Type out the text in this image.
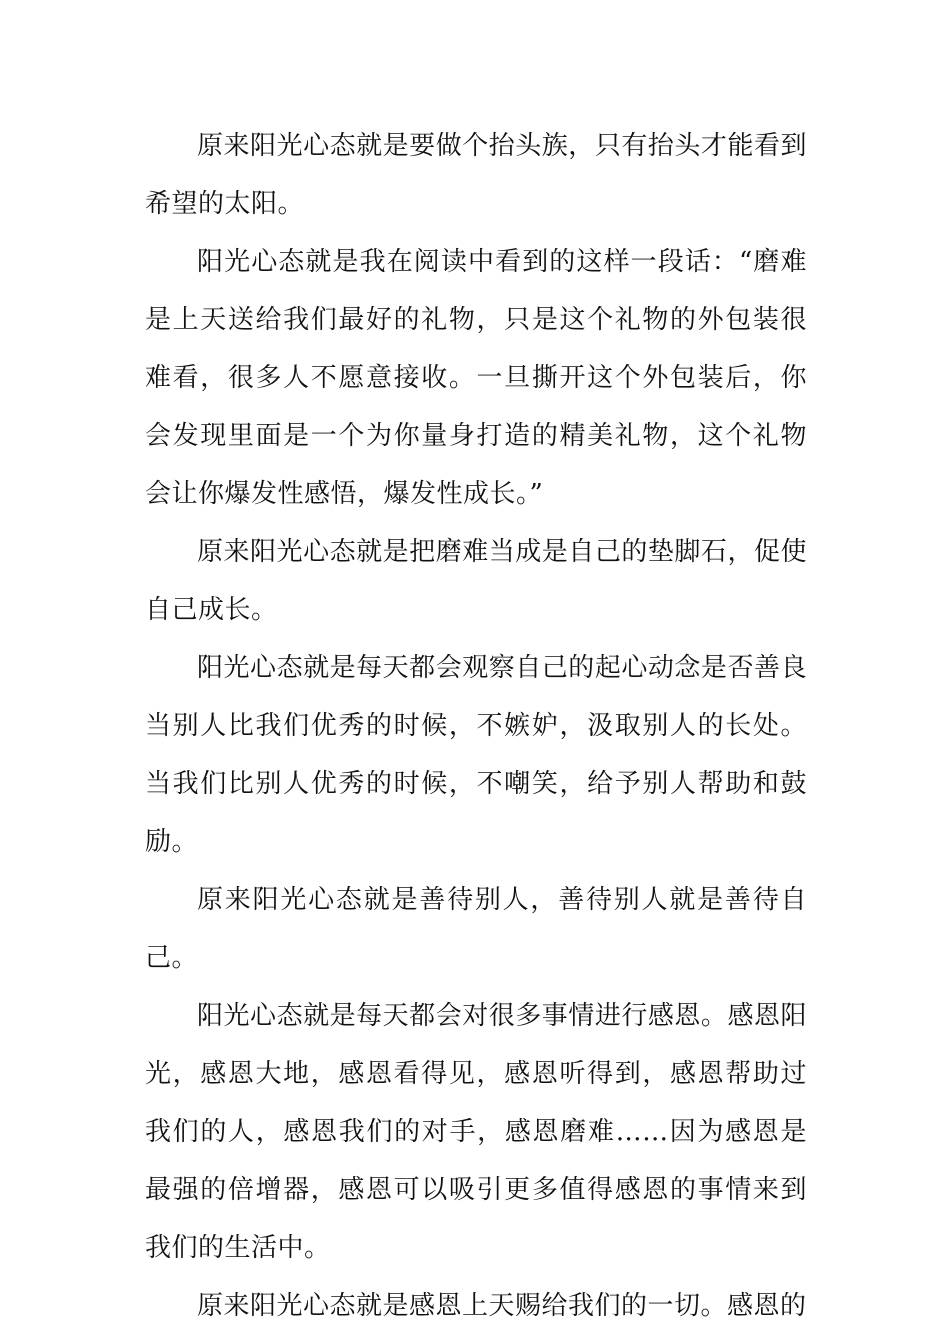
原来阳光心态就是要做个抬头族，只有抬头才能看到希望的太阳。

阳光心态就是我在阅读中看到的这样一段话：“磨难是上天送给我们最好的礼物，只是这个礼物的外包装很难看，很多人不愿意接收。一旦撕开这个外包装后，你会发现里面是一个为你量身打造的精美礼物，这个礼物会让你爆发性感悟，爆发性成长。”

原来阳光心态就是把磨难当成是自己的垫脚石，促使自己成长。

阳光心态就是每天都会观察自己的起心动念是否善良当别人比我们优秀的时候，不嫉妒，汲取别人的长处。当我们比别人优秀的时候，不嘲笑，给予别人帮助和鼓励。

原来阳光心态就是善待别人，善待别人就是善待自己。

阳光心态就是每天都会对很多事情进行感恩。感恩阳光，感恩大地，感恩看得见，感恩听得到，感恩帮助过我们的人，感恩我们的对手，感恩磨难……因为感恩是最强的倍增器，感恩可以吸引更多值得感恩的事情来到我们的生活中。

原来阳光心态就是感恩上天赐给我们的一切。感恩的
